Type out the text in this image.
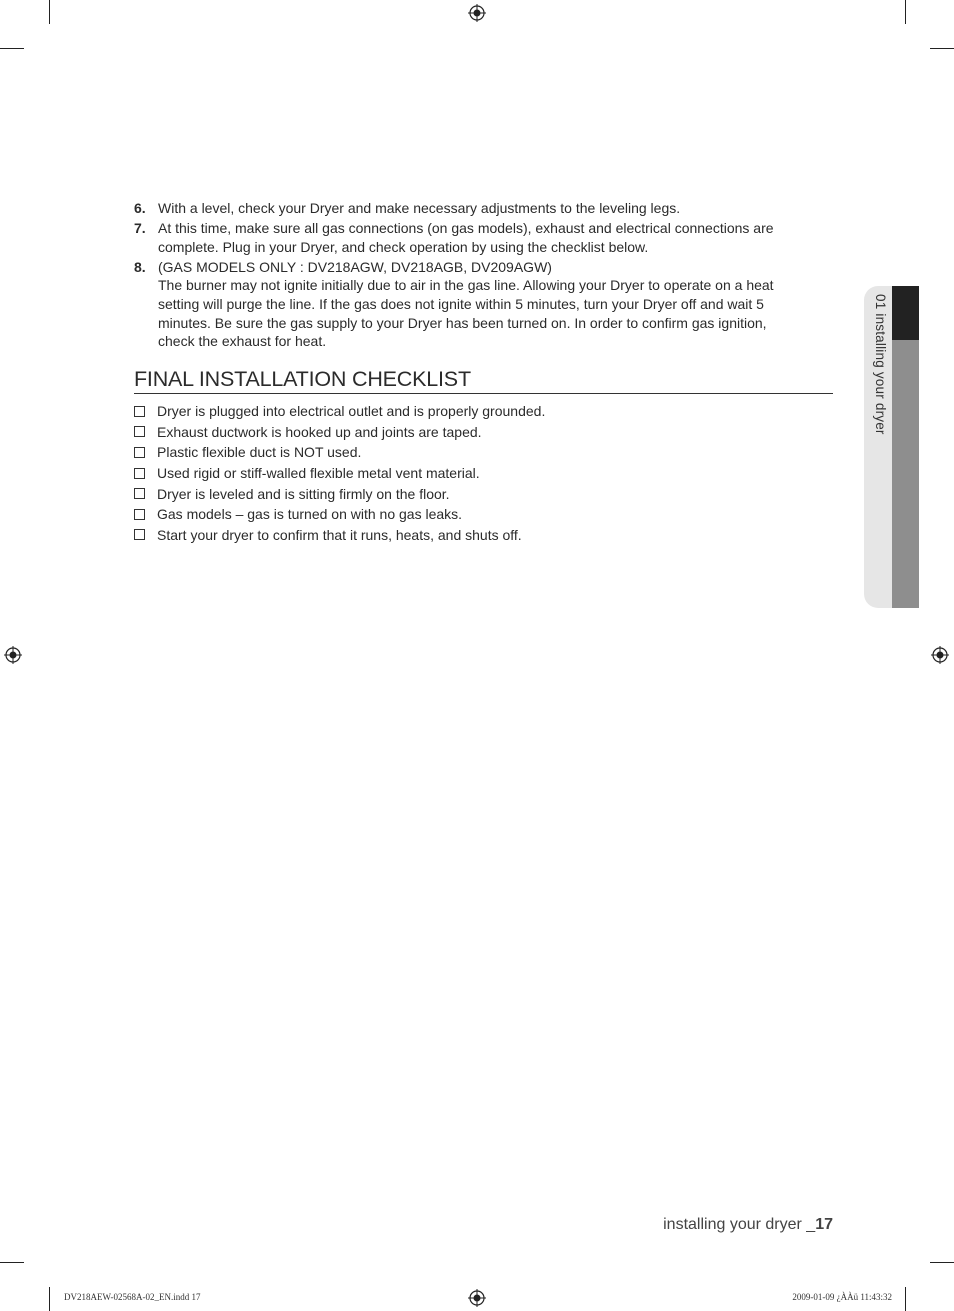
6. With a level, check your Dryer and make necessary adjustments to the leveling legs.
7. At this time, make sure all gas connections (on gas models), exhaust and electrical connections are
complete. Plug in your Dryer, and check operation by using the checklist below.
8. (GAS MODELS ONLY : DV218AGW, DV218AGB, DV209AGW)
The burner may not ignite initially due to air in the gas line. Allowing your Dryer to operate on a heat
setting will purge the line. If the gas does not ignite within 5 minutes, turn your Dryer off and wait 5
minutes. Be sure the gas supply to your Dryer has been turned on. In order to confirm gas ignition,
check the exhaust for heat.
FINAL INSTALLATION CHECKLIST
Dryer is plugged into electrical outlet and is properly grounded.
Exhaust ductwork is hooked up and joints are taped.
Plastic flexible duct is NOT used.
Used rigid or stiff-walled flexible metal vent material.
Dryer is leveled and is sitting firmly on the floor.
Gas models – gas is turned on with no gas leaks.
Start your dryer to confirm that it runs, heats, and shuts off.
01 installing your dryer
installing your dryer _17
DV218AEW-02568A-02_EN.indd 17	2009-01-09 ¿ÀÀü 11:43:32
